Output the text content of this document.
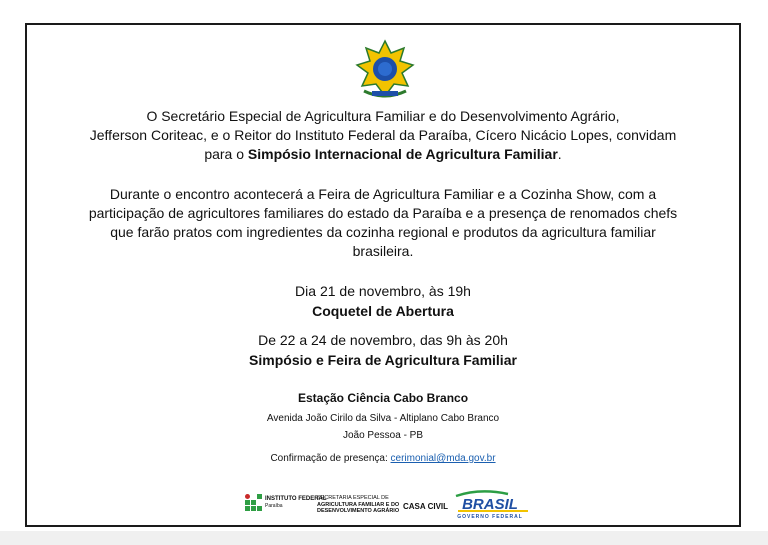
O Secretário Especial de Agricultura Familiar e do Desenvolvimento Agrário,
Jefferson Coriteac, e o Reitor do Instituto Federal da Paraíba, Cícero Nicácio Lopes, convidam
para o Simpósio Internacional de Agricultura Familiar.
Durante o encontro acontecerá a Feira de Agricultura Familiar e a Cozinha Show, com a
participação de agricultores familiares do estado da Paraíba e a presença de renomados chefs
que farão pratos com ingredientes da cozinha regional e produtos da agricultura familiar
brasileira.
Dia 21 de novembro, às 19h
Coquetel de Abertura
De 22 a 24 de novembro, das 9h às 20h
Simpósio e Feira de Agricultura Familiar
Estação Ciência Cabo Branco
Avenida João Cirilo da Silva - Altiplano Cabo Branco
João Pessoa - PB
Confirmação de presença: cerimonial@mda.gov.br
INSTITUTO FEDERAL
Paraíba
SECRETARIA ESPECIAL DE
AGRICULTURA FAMILIAR E DO
DESENVOLVIMENTO AGRÁRIO CASA CIVIL BRASIL
GOVERNO FEDERAL
